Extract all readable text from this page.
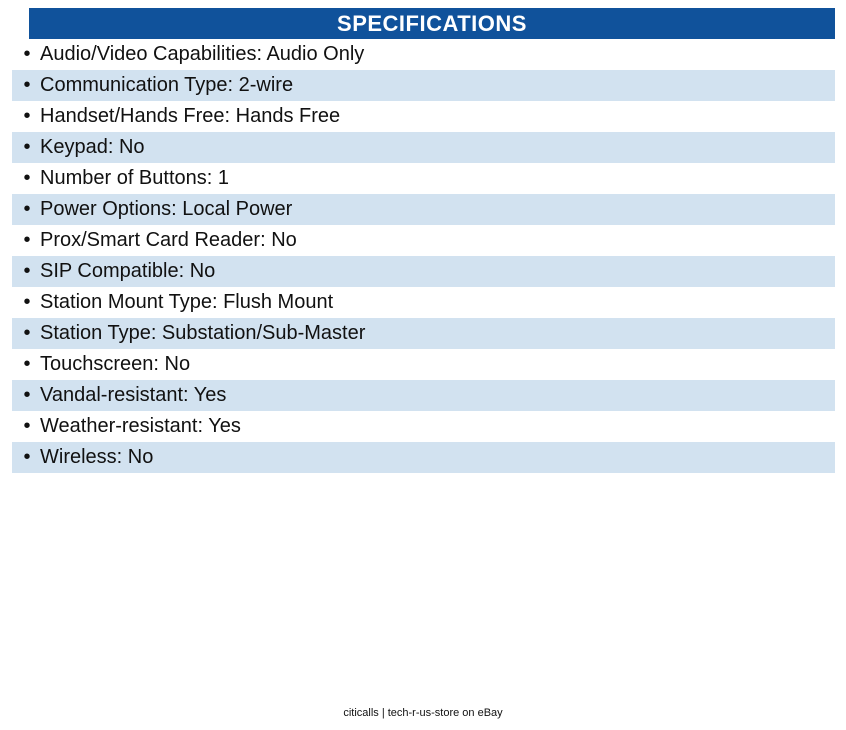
SPECIFICATIONS
• Audio/Video Capabilities: Audio Only
• Communication Type: 2-wire
• Handset/Hands Free: Hands Free
• Keypad: No
• Number of Buttons: 1
• Power Options: Local Power
• Prox/Smart Card Reader: No
• SIP Compatible: No
• Station Mount Type: Flush Mount
• Station Type: Substation/Sub-Master
• Touchscreen: No
• Vandal-resistant: Yes
• Weather-resistant: Yes
• Wireless: No
citicalls | tech-r-us-store on eBay
